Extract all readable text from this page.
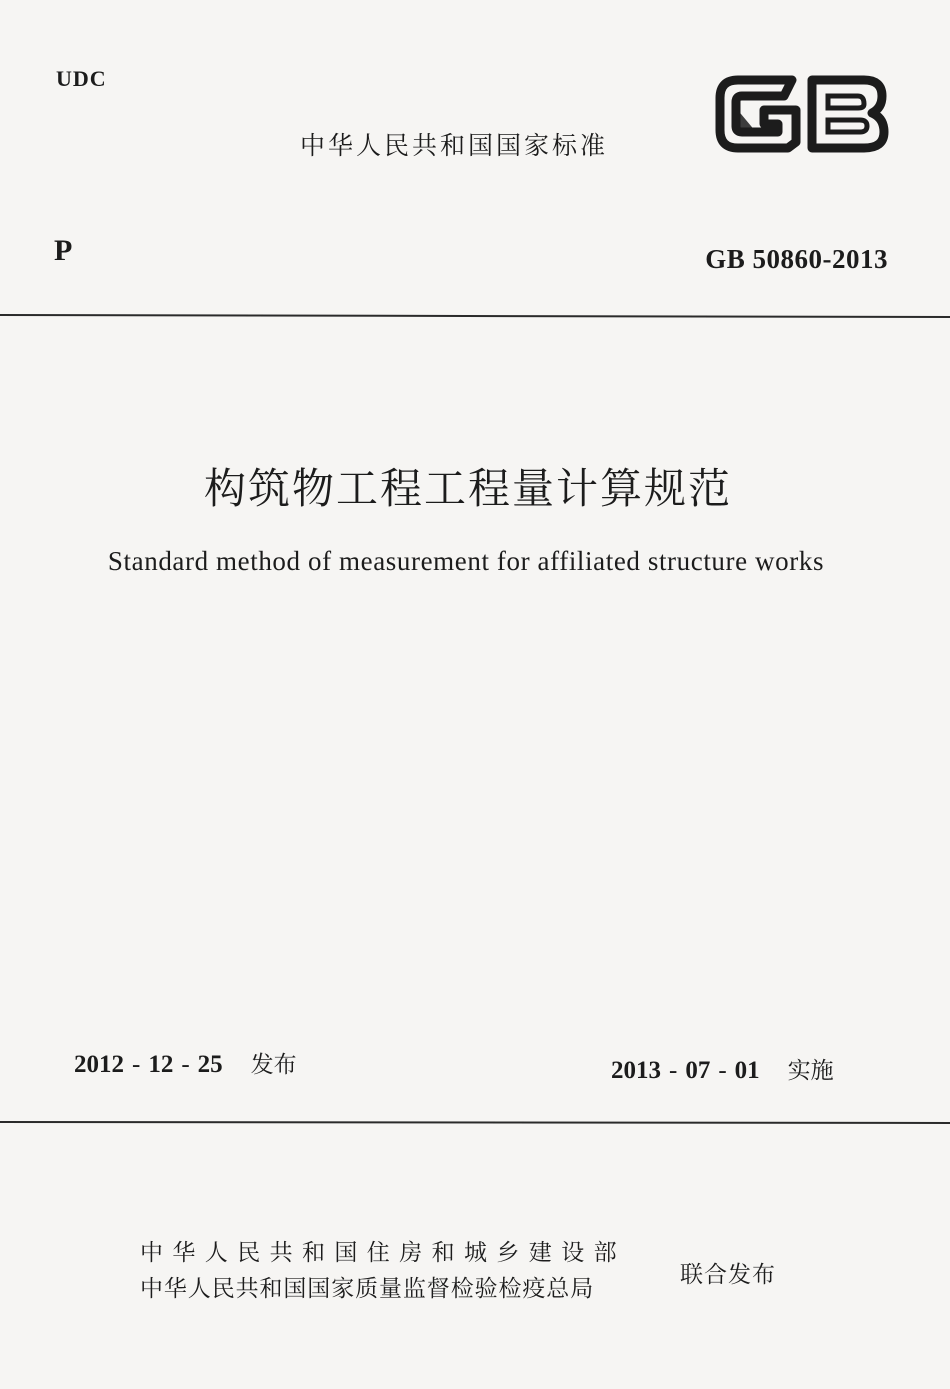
UDC
中华人民共和国国家标准
P	GB 50860-2013
构筑物工程工程量计算规范
Standard method of measurement for affiliated structure works
2012 - 12 - 25 发布	2013 - 07 - 01 实施
中华人民共和国住房和城乡建设部
中华人民共和国国家质量监督检验检疫总局
联合发布
